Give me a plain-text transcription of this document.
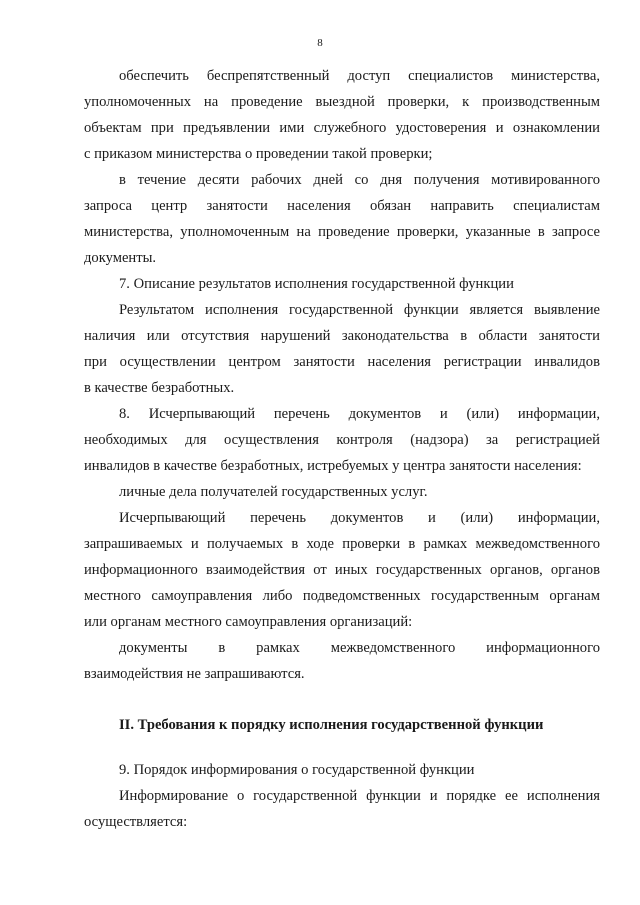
8
обеспечить беспрепятственный доступ специалистов министерства,
уполномоченных на проведение выездной проверки, к производственным
объектам при предъявлении ими служебного удостоверения и ознакомлении
с приказом министерства о проведении такой проверки;
в течение десяти рабочих дней со дня получения мотивированного
запроса центр занятости населения обязан направить специалистам
министерства, уполномоченным на проведение проверки, указанные в запросе
документы.
7. Описание результатов исполнения государственной функции
Результатом исполнения государственной функции является выявление
наличия или отсутствия нарушений законодательства в области занятости
при осуществлении центром занятости населения регистрации инвалидов
в качестве безработных.
8. Исчерпывающий перечень документов и (или) информации,
необходимых для осуществления контроля (надзора) за регистрацией
инвалидов в качестве безработных, истребуемых у центра занятости населения:
личные дела получателей государственных услуг.
Исчерпывающий перечень документов и (или) информации,
запрашиваемых и получаемых в ходе проверки в рамках межведомственного
информационного взаимодействия от иных государственных органов, органов
местного самоуправления либо подведомственных государственным органам
или органам местного самоуправления организаций:
документы в рамках межведомственного информационного
взаимодействия не запрашиваются.
II. Требования к порядку исполнения государственной функции
9. Порядок информирования о государственной функции
Информирование о государственной функции и порядке ее исполнения
осуществляется:
